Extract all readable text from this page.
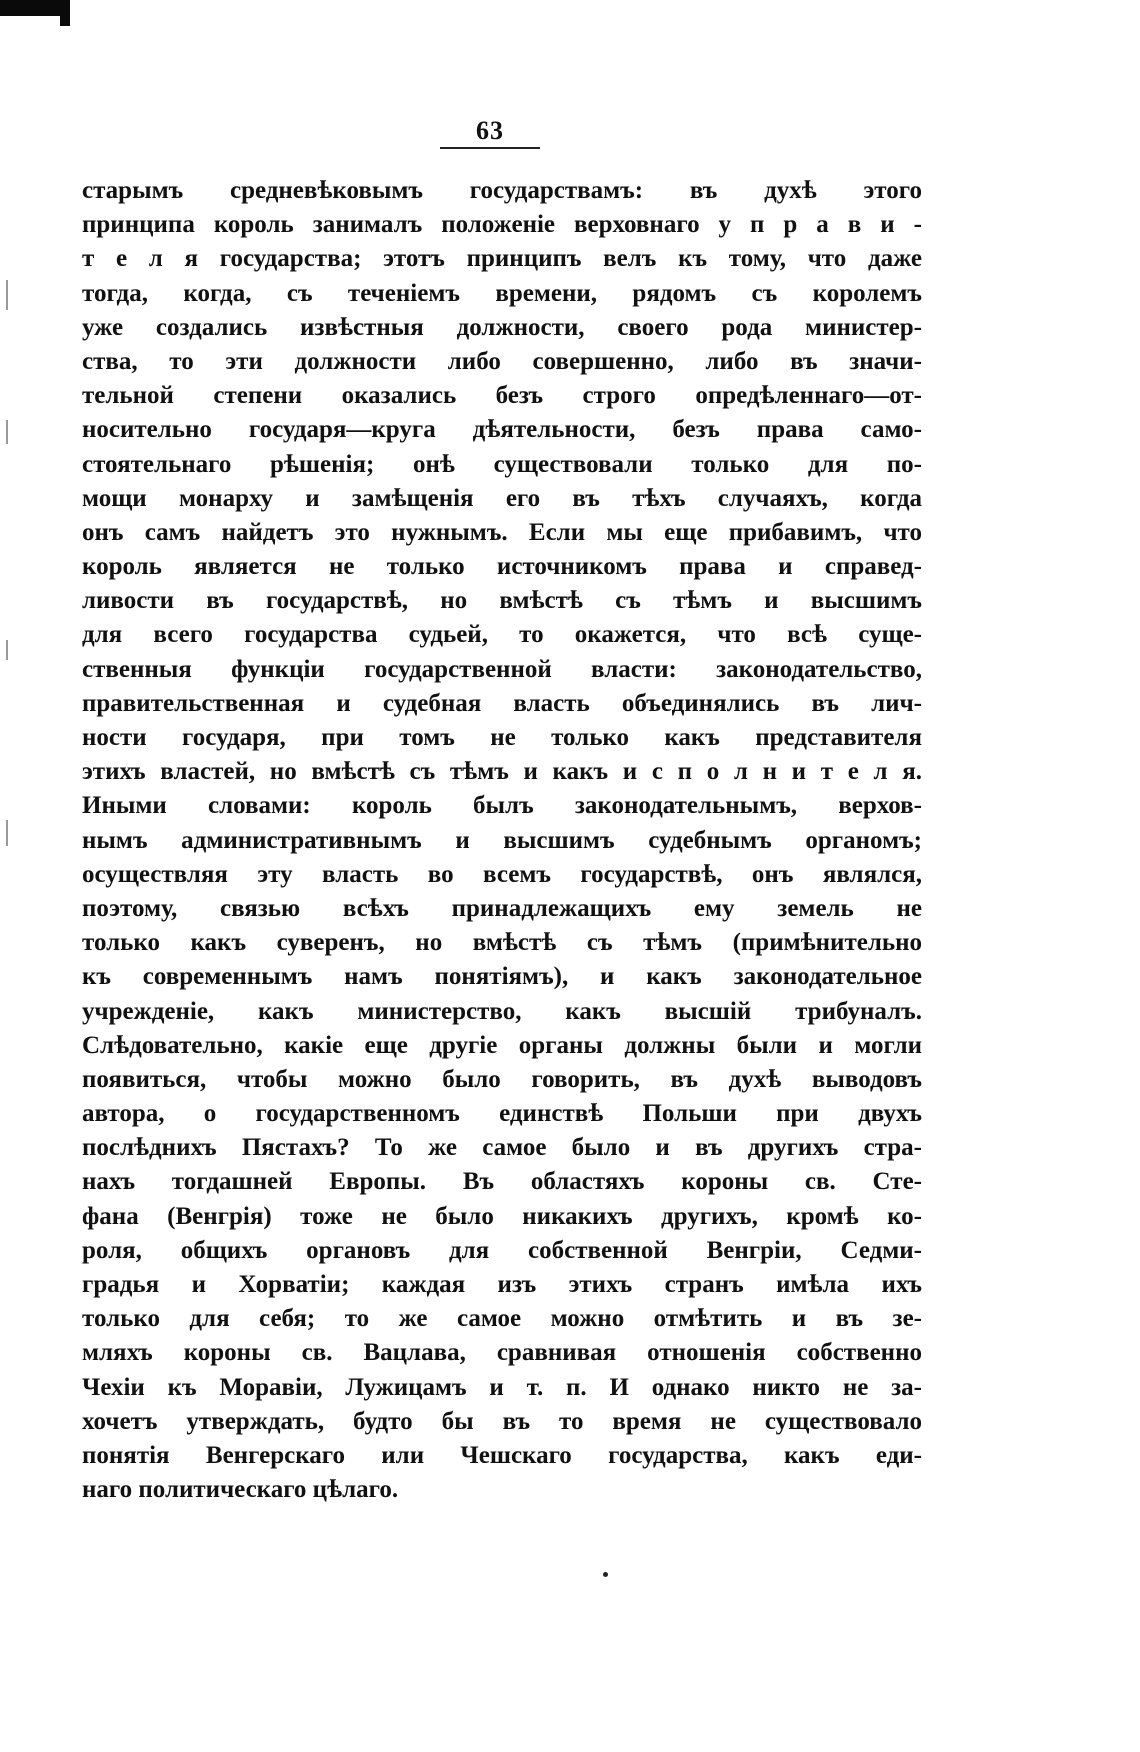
63
старымъ средневѣковымъ государствамъ: въ духѣ этого
принципа король занималъ положенiе верховнаго у п р а в и -
т е л я государства; этотъ принципъ велъ къ тому, что даже
тогда, когда, съ теченiемъ времени, рядомъ съ королемъ
уже создались извѣстныя должности, своего рода министер-
ства, то эти должности либо совершенно, либо въ значи-
тельной степени оказались безъ строго опредѣленнаго—от-
носительно государя—круга дѣятельности, безъ права само-
стоятельнаго рѣшенiя; онѣ существовали только для по-
мощи монарху и замѣщенiя его въ тѣхъ случаяхъ, когда
онъ самъ найдетъ это нужнымъ. Если мы еще прибавимъ, что
король является не только источникомъ права и справед-
ливости въ государствѣ, но вмѣстѣ съ тѣмъ и высшимъ
для всего государства судьей, то окажется, что всѣ суще-
ственныя функцiи государственной власти: законодательство,
правительственная и судебная власть объединялись въ лич-
ности государя, при томъ не только какъ представителя
этихъ властей, но вмѣстѣ съ тѣмъ и какъ и с п о л н и т е л я.
Иными словами: король былъ законодательнымъ, верхов-
нымъ административнымъ и высшимъ судебнымъ органомъ;
осуществляя эту власть во всемъ государствѣ, онъ являлся,
поэтому, связью всѣхъ принадлежащихъ ему земель не
только какъ суверенъ, но вмѣстѣ съ тѣмъ (примѣнительно
къ современнымъ намъ понятiямъ), и какъ законодательное
учрежденiе, какъ министерство, какъ высшiй трибуналъ.
Слѣдовательно, какiе еще другiе органы должны были и могли
появиться, чтобы можно было говорить, въ духѣ выводовъ
автора, о государственномъ единствѣ Польши при двухъ
послѣднихъ Пястахъ? То же самое было и въ другихъ стра-
нахъ тогдашней Европы. Въ областяхъ короны св. Сте-
фана (Венгрiя) тоже не было никакихъ другихъ, кромѣ ко-
роля, общихъ органовъ для собственной Венгрiи, Седми-
градья и Хорватiи; каждая изъ этихъ странъ имѣла ихъ
только для себя; то же самое можно отмѣтить и въ зе-
мляхъ короны св. Вацлава, сравнивая отношенiя собственно
Чехiи къ Моравiи, Лужицамъ и т. п. И однако никто не за-
хочетъ утверждать, будто бы въ то время не существовало
понятiя Венгерскаго или Чешскаго государства, какъ еди-
наго политическаго цѣлаго.
